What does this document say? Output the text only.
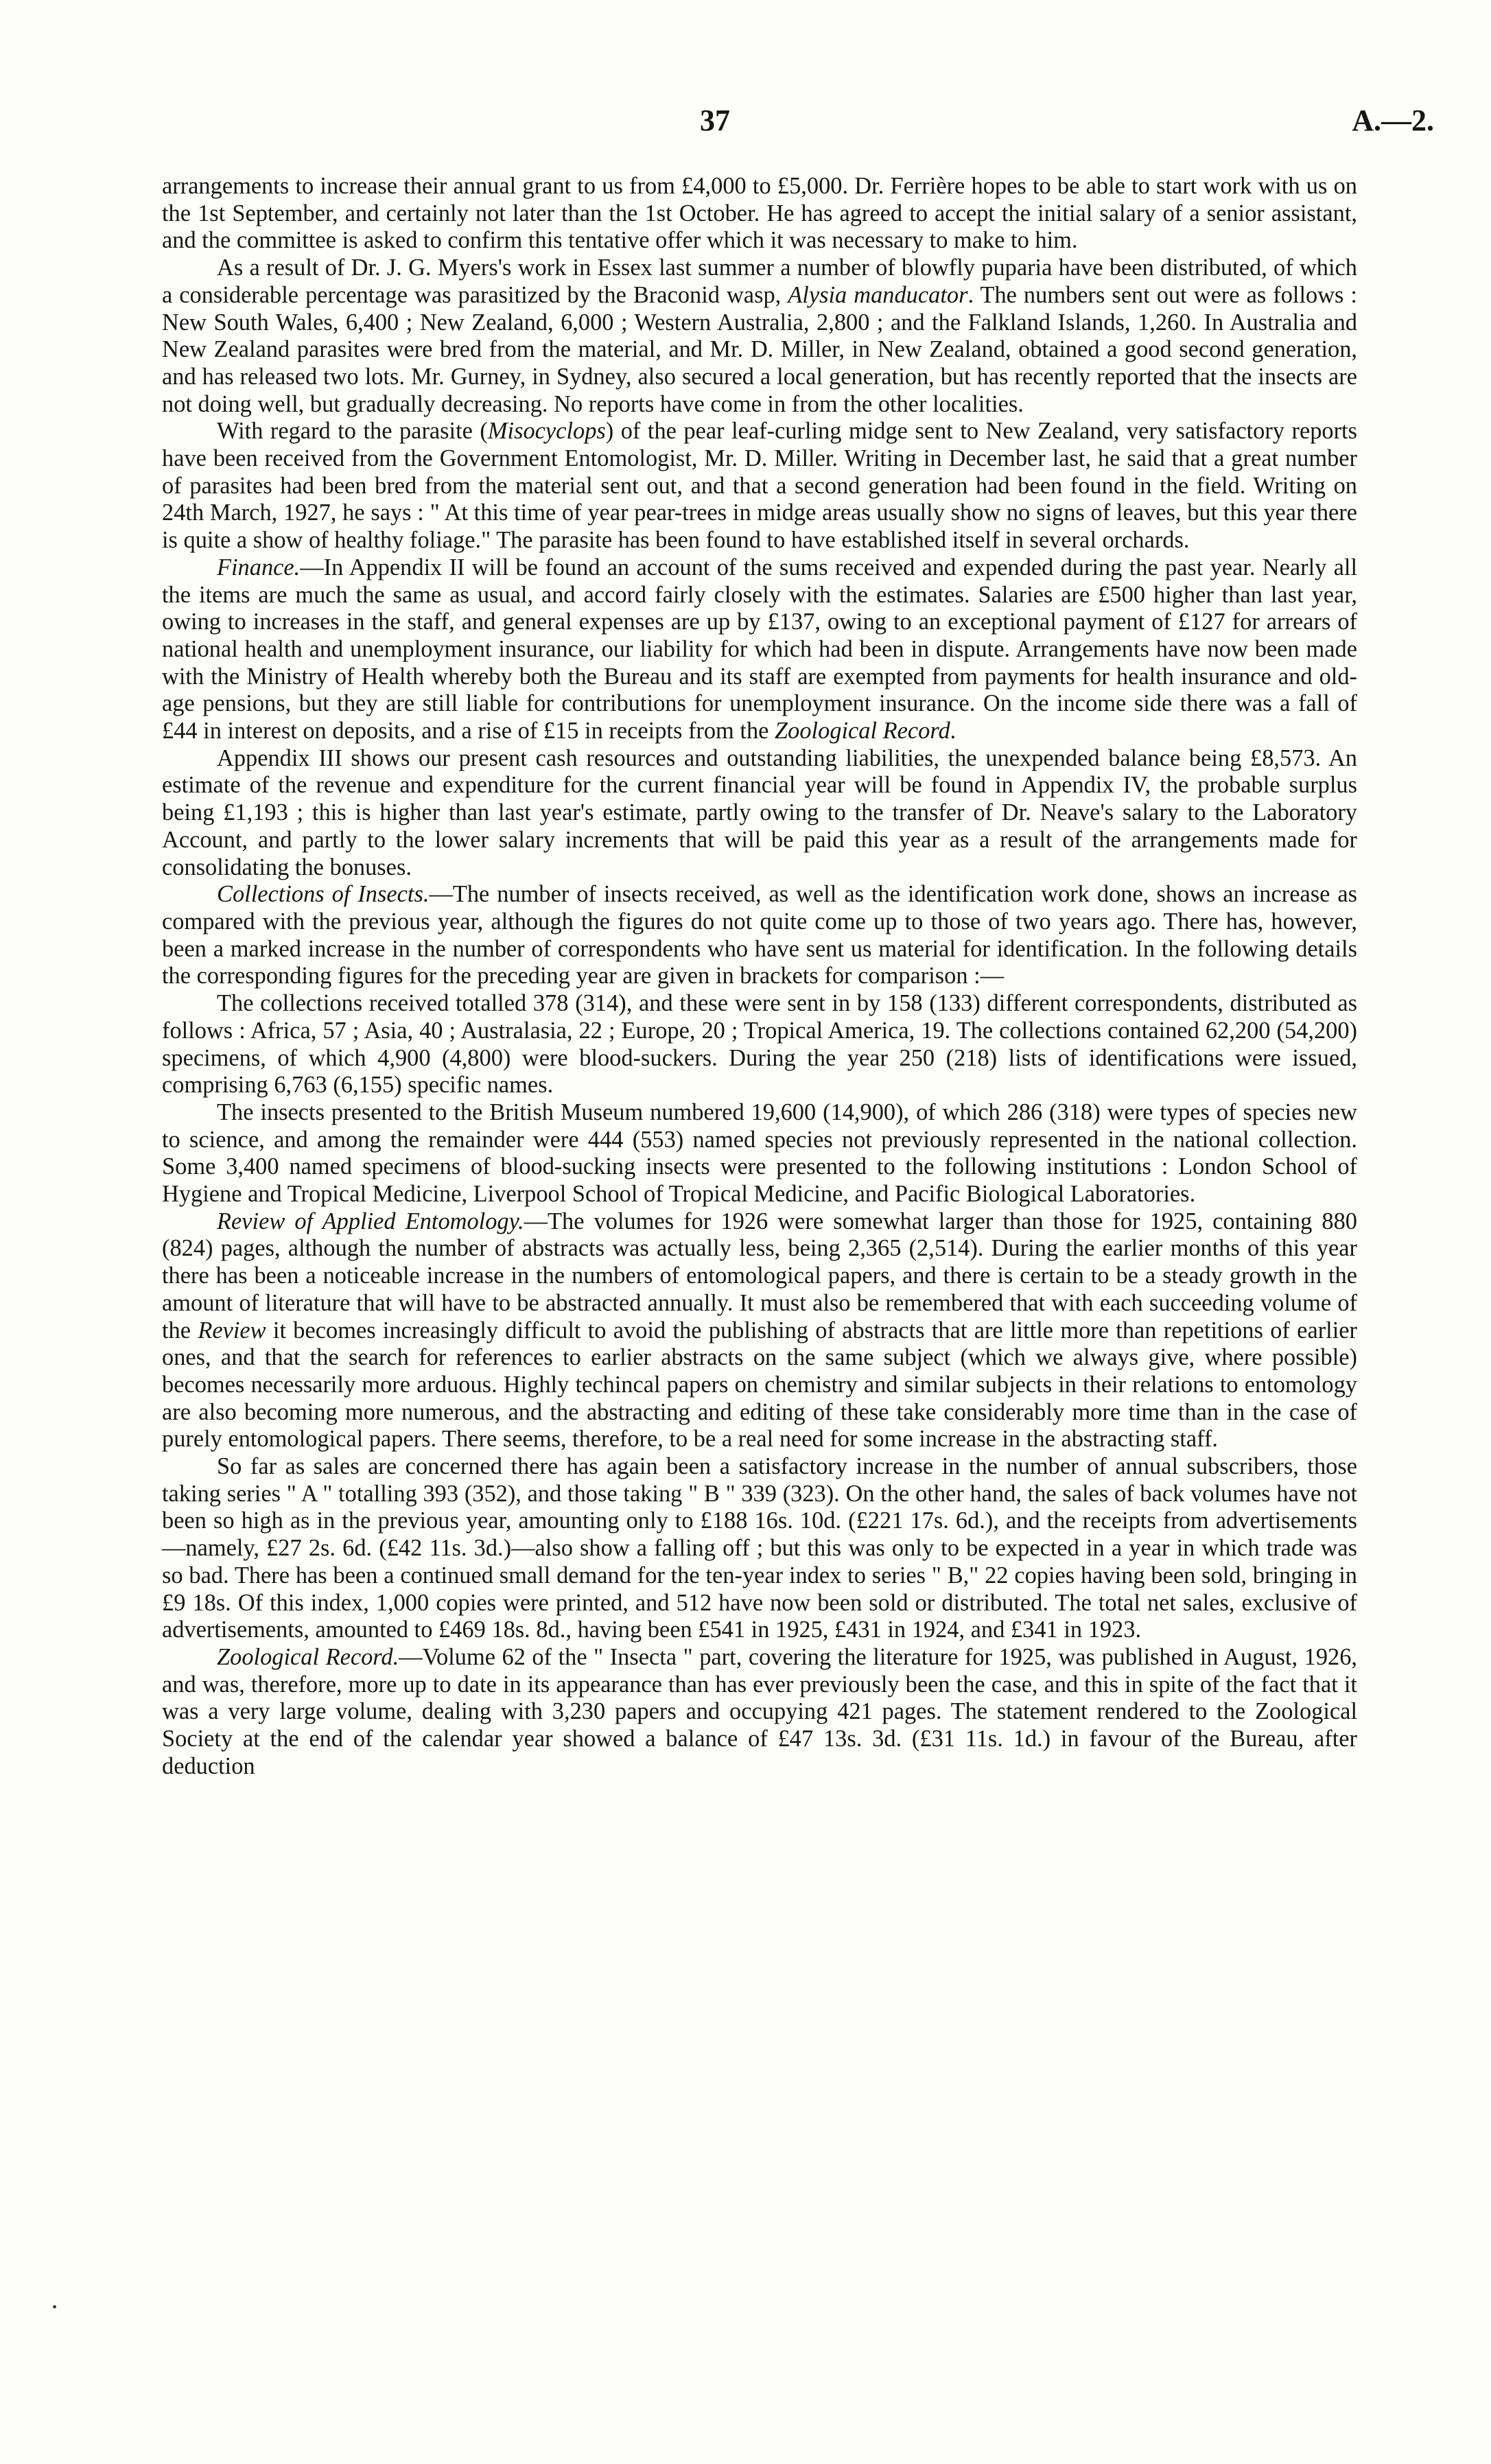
37	A.—2.

arrangements to increase their annual grant to us from £4,000 to £5,000. Dr. Ferrière hopes to be able to start work with us on the 1st September, and certainly not later than the 1st October. He has agreed to accept the initial salary of a senior assistant, and the committee is asked to confirm this tentative offer which it was necessary to make to him.

As a result of Dr. J. G. Myers's work in Essex last summer a number of blowfly puparia have been distributed, of which a considerable percentage was parasitized by the Braconid wasp, Alysia manducator. The numbers sent out were as follows : New South Wales, 6,400 ; New Zealand, 6,000 ; Western Australia, 2,800 ; and the Falkland Islands, 1,260. In Australia and New Zealand parasites were bred from the material, and Mr. D. Miller, in New Zealand, obtained a good second generation, and has released two lots. Mr. Gurney, in Sydney, also secured a local generation, but has recently reported that the insects are not doing well, but gradually decreasing. No reports have come in from the other localities.

With regard to the parasite (Misocyclops) of the pear leaf-curling midge sent to New Zealand, very satisfactory reports have been received from the Government Entomologist, Mr. D. Miller. Writing in December last, he said that a great number of parasites had been bred from the material sent out, and that a second generation had been found in the field. Writing on 24th March, 1927, he says : " At this time of year pear-trees in midge areas usually show no signs of leaves, but this year there is quite a show of healthy foliage." The parasite has been found to have established itself in several orchards.

Finance.—In Appendix II will be found an account of the sums received and expended during the past year. Nearly all the items are much the same as usual, and accord fairly closely with the estimates. Salaries are £500 higher than last year, owing to increases in the staff, and general expenses are up by £137, owing to an exceptional payment of £127 for arrears of national health and unemployment insurance, our liability for which had been in dispute. Arrangements have now been made with the Ministry of Health whereby both the Bureau and its staff are exempted from payments for health insurance and old-age pensions, but they are still liable for contributions for unemployment insurance. On the income side there was a fall of £44 in interest on deposits, and a rise of £15 in receipts from the Zoological Record.

Appendix III shows our present cash resources and outstanding liabilities, the unexpended balance being £8,573. An estimate of the revenue and expenditure for the current financial year will be found in Appendix IV, the probable surplus being £1,193 ; this is higher than last year's estimate, partly owing to the transfer of Dr. Neave's salary to the Laboratory Account, and partly to the lower salary increments that will be paid this year as a result of the arrangements made for consolidating the bonuses.

Collections of Insects.—The number of insects received, as well as the identification work done, shows an increase as compared with the previous year, although the figures do not quite come up to those of two years ago. There has, however, been a marked increase in the number of correspondents who have sent us material for identification. In the following details the corresponding figures for the preceding year are given in brackets for comparison :—

The collections received totalled 378 (314), and these were sent in by 158 (133) different correspondents, distributed as follows : Africa, 57 ; Asia, 40 ; Australasia, 22 ; Europe, 20 ; Tropical America, 19. The collections contained 62,200 (54,200) specimens, of which 4,900 (4,800) were blood-suckers. During the year 250 (218) lists of identifications were issued, comprising 6,763 (6,155) specific names.

The insects presented to the British Museum numbered 19,600 (14,900), of which 286 (318) were types of species new to science, and among the remainder were 444 (553) named species not previously represented in the national collection. Some 3,400 named specimens of blood-sucking insects were presented to the following institutions : London School of Hygiene and Tropical Medicine, Liverpool School of Tropical Medicine, and Pacific Biological Laboratories.

Review of Applied Entomology.—The volumes for 1926 were somewhat larger than those for 1925, containing 880 (824) pages, although the number of abstracts was actually less, being 2,365 (2,514). During the earlier months of this year there has been a noticeable increase in the numbers of entomological papers, and there is certain to be a steady growth in the amount of literature that will have to be abstracted annually. It must also be remembered that with each succeeding volume of the Review it becomes increasingly difficult to avoid the publishing of abstracts that are little more than repetitions of earlier ones, and that the search for references to earlier abstracts on the same subject (which we always give, where possible) becomes necessarily more arduous. Highly techincal papers on chemistry and similar subjects in their relations to entomology are also becoming more numerous, and the abstracting and editing of these take considerably more time than in the case of purely entomological papers. There seems, therefore, to be a real need for some increase in the abstracting staff.

So far as sales are concerned there has again been a satisfactory increase in the number of annual subscribers, those taking series " A " totalling 393 (352), and those taking " B " 339 (323). On the other hand, the sales of back volumes have not been so high as in the previous year, amounting only to £188 16s. 10d. (£221 17s. 6d.), and the receipts from advertisements—namely, £27 2s. 6d. (£42 11s. 3d.)—also show a falling off ; but this was only to be expected in a year in which trade was so bad. There has been a continued small demand for the ten-year index to series " B," 22 copies having been sold, bringing in £9 18s. Of this index, 1,000 copies were printed, and 512 have now been sold or distributed. The total net sales, exclusive of advertisements, amounted to £469 18s. 8d., having been £541 in 1925, £431 in 1924, and £341 in 1923.

Zoological Record.—Volume 62 of the " Insecta " part, covering the literature for 1925, was published in August, 1926, and was, therefore, more up to date in its appearance than has ever previously been the case, and this in spite of the fact that it was a very large volume, dealing with 3,230 papers and occupying 421 pages. The statement rendered to the Zoological Society at the end of the calendar year showed a balance of £47 13s. 3d. (£31 11s. 1d.) in favour of the Bureau, after deduction

•
